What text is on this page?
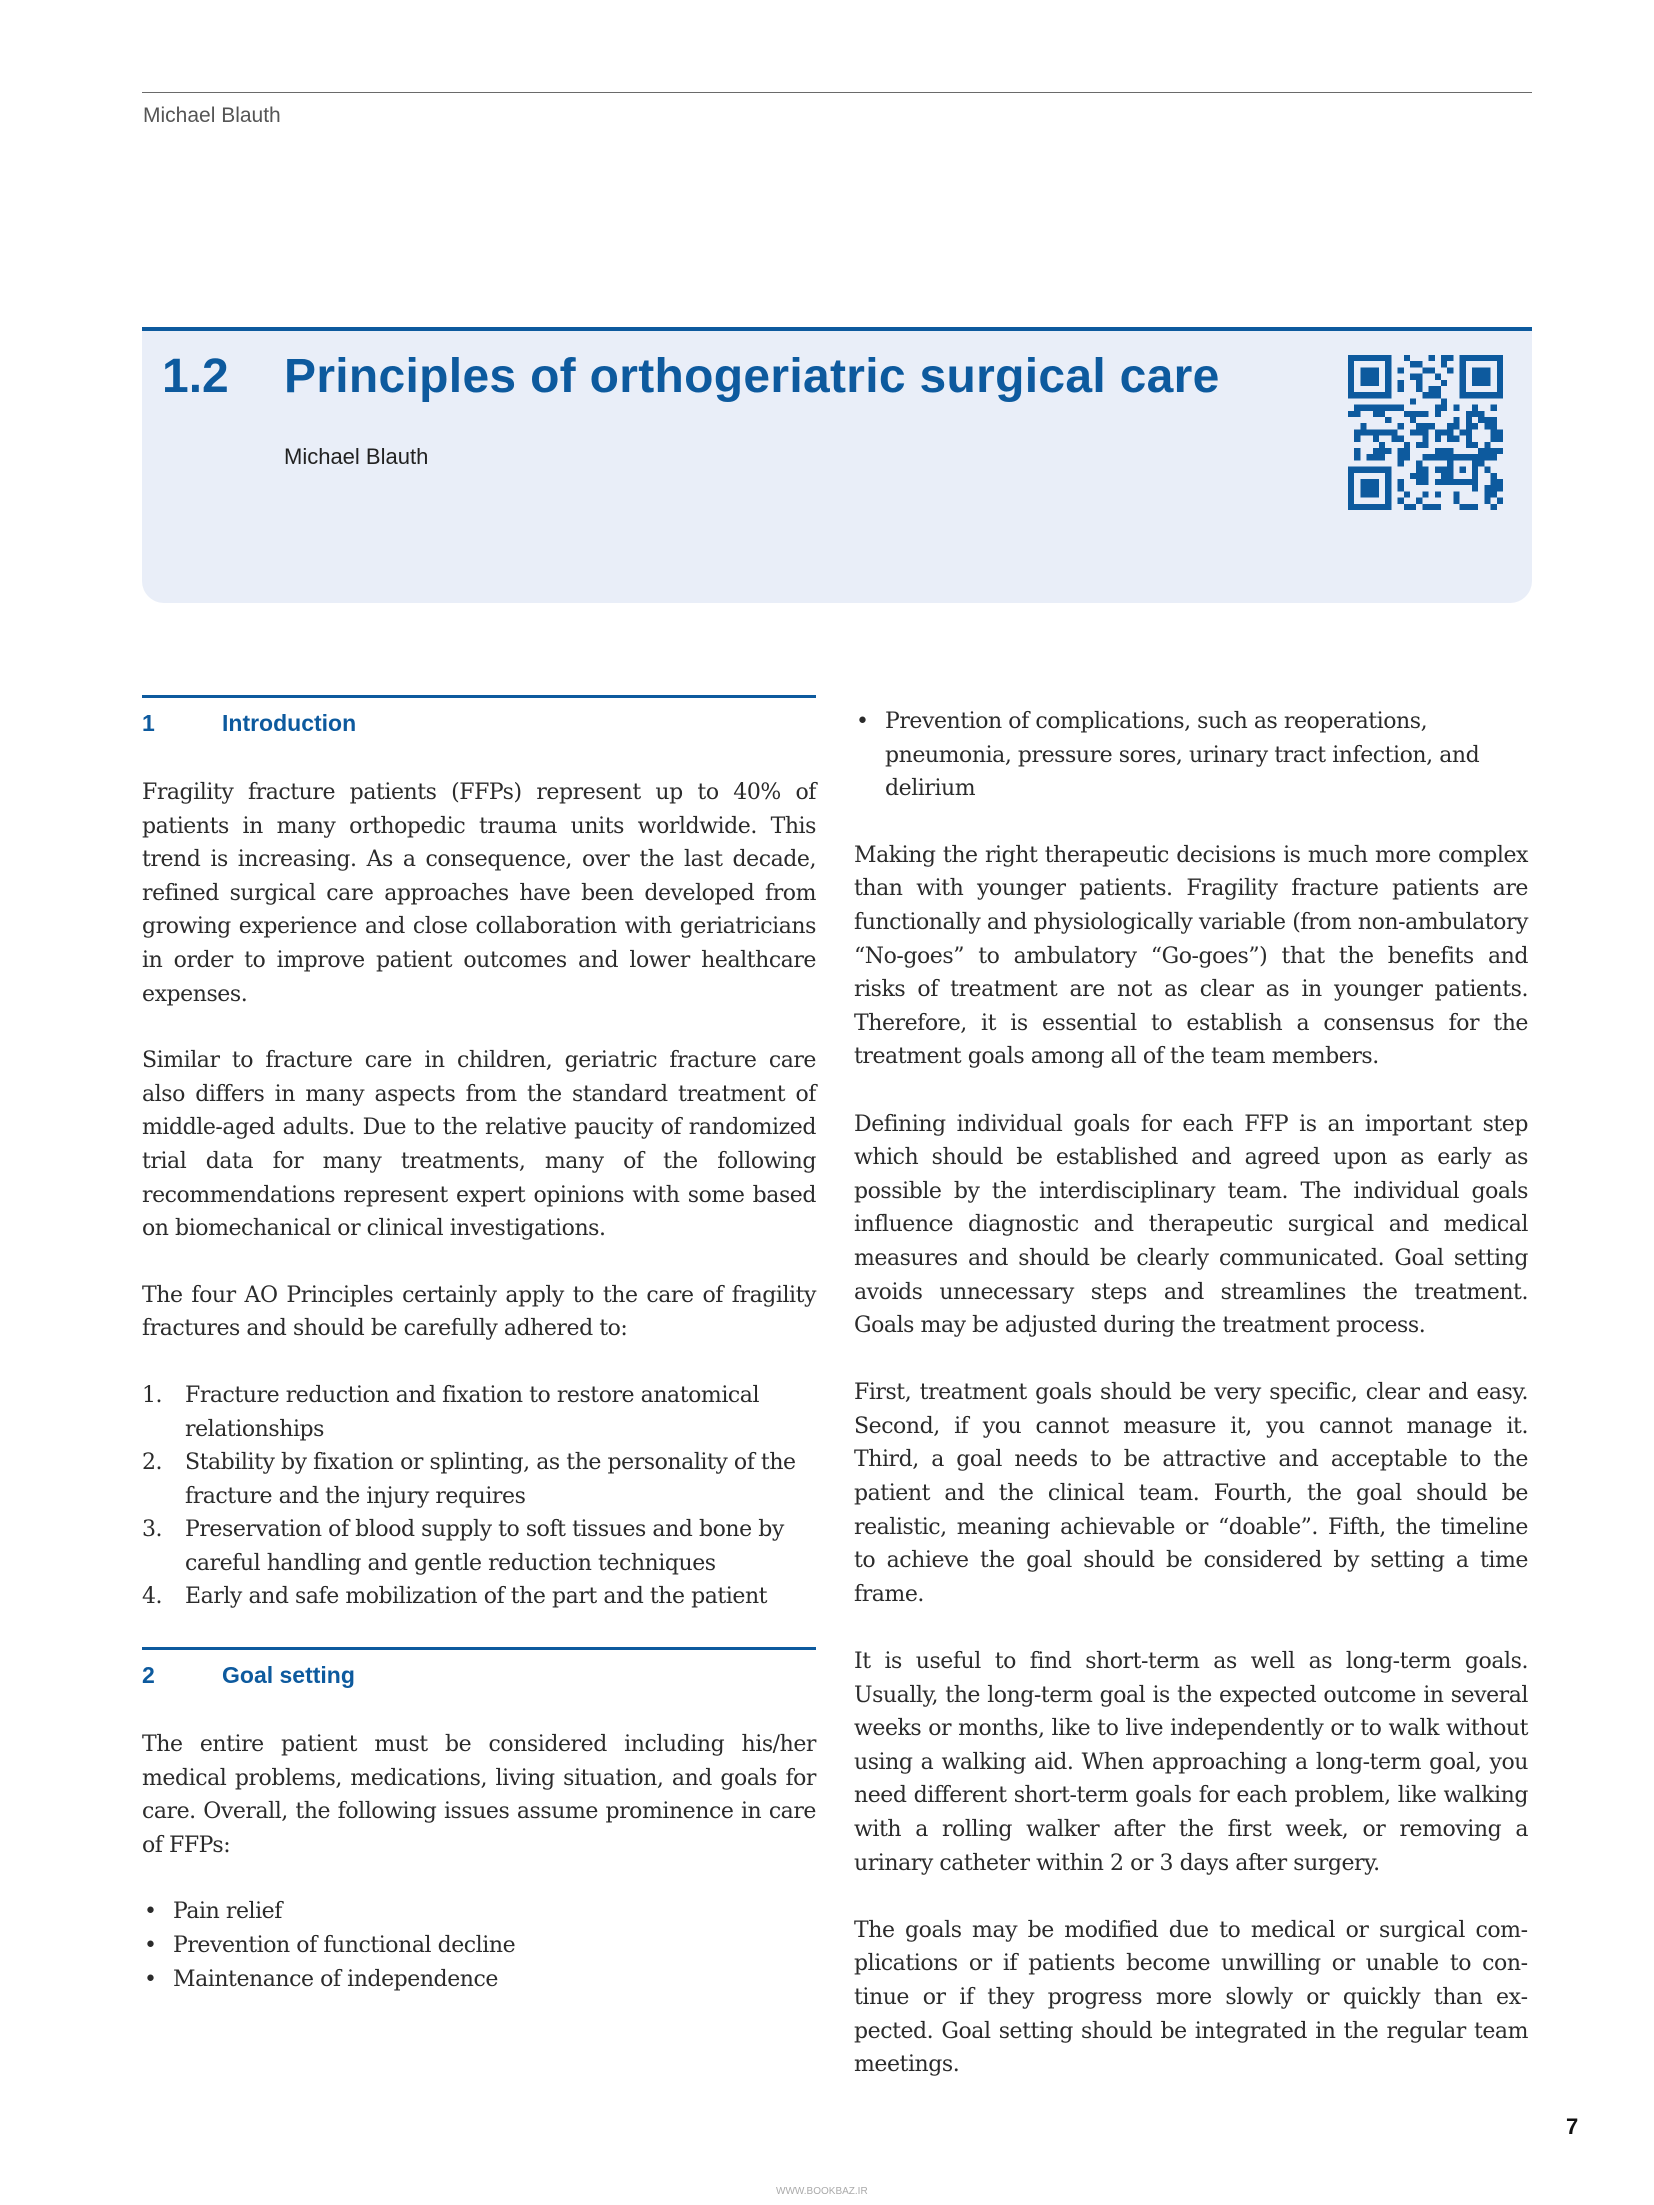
Michael Blauth
1.2 Principles of orthogeriatric surgical care
Michael Blauth
1	Introduction

Fragility fracture patients (FFPs) represent up to 40% of patients in many orthopedic trauma units worldwide. This trend is increasing. As a consequence, over the last decade, refined surgical care approaches have been developed from growing experience and close collaboration with geriatricians in order to improve patient outcomes and lower healthcare expenses.

Similar to fracture care in children, geriatric fracture care also differs in many aspects from the standard treatment of middle-aged adults. Due to the relative paucity of randomized trial data for many treatments, many of the following recommendations represent expert opinions with some based on biomechanical or clinical investigations.

The four AO Principles certainly apply to the care of fragility fractures and should be carefully adhered to:

1. Fracture reduction and fixation to restore anatomical relationships
2. Stability by fixation or splinting, as the personality of the fracture and the injury requires
3. Preservation of blood supply to soft tissues and bone by careful handling and gentle reduction techniques
4. Early and safe mobilization of the part and the patient
2	Goal setting

The entire patient must be considered including his/her medical problems, medications, living situation, and goals for care. Overall, the following issues assume prominence in care of FFPs:

• Pain relief
• Prevention of functional decline
• Maintenance of independence
• Prevention of complications, such as reoperations, pneumonia, pressure sores, urinary tract infection, and delirium

Making the right therapeutic decisions is much more complex than with younger patients. Fragility fracture patients are functionally and physiologically variable (from non-ambulatory “No-goes” to ambulatory “Go-goes”) that the benefits and risks of treatment are not as clear as in younger patients. Therefore, it is essential to establish a consensus for the treatment goals among all of the team members.

Defining individual goals for each FFP is an important step which should be established and agreed upon as early as possible by the interdisciplinary team. The individual goals influence diagnostic and therapeutic surgical and medical measures and should be clearly communicated. Goal setting avoids unnecessary steps and streamlines the treatment. Goals may be adjusted during the treatment process.

First, treatment goals should be very specific, clear and easy. Second, if you cannot measure it, you cannot manage it. Third, a goal needs to be attractive and acceptable to the patient and the clinical team. Fourth, the goal should be realistic, meaning achievable or “doable”. Fifth, the timeline to achieve the goal should be considered by setting a time frame.

It is useful to find short-term as well as long-term goals. Usually, the long-term goal is the expected outcome in several weeks or months, like to live independently or to walk without using a walking aid. When approaching a long-term goal, you need different short-term goals for each problem, like walking with a rolling walker after the first week, or removing a urinary catheter within 2 or 3 days after surgery.

The goals may be modified due to medical or surgical complications or if patients become unwilling or unable to continue or if they progress more slowly or quickly than expected. Goal setting should be integrated in the regular team meetings.

7
WWW.BOOKBAZ.IR
